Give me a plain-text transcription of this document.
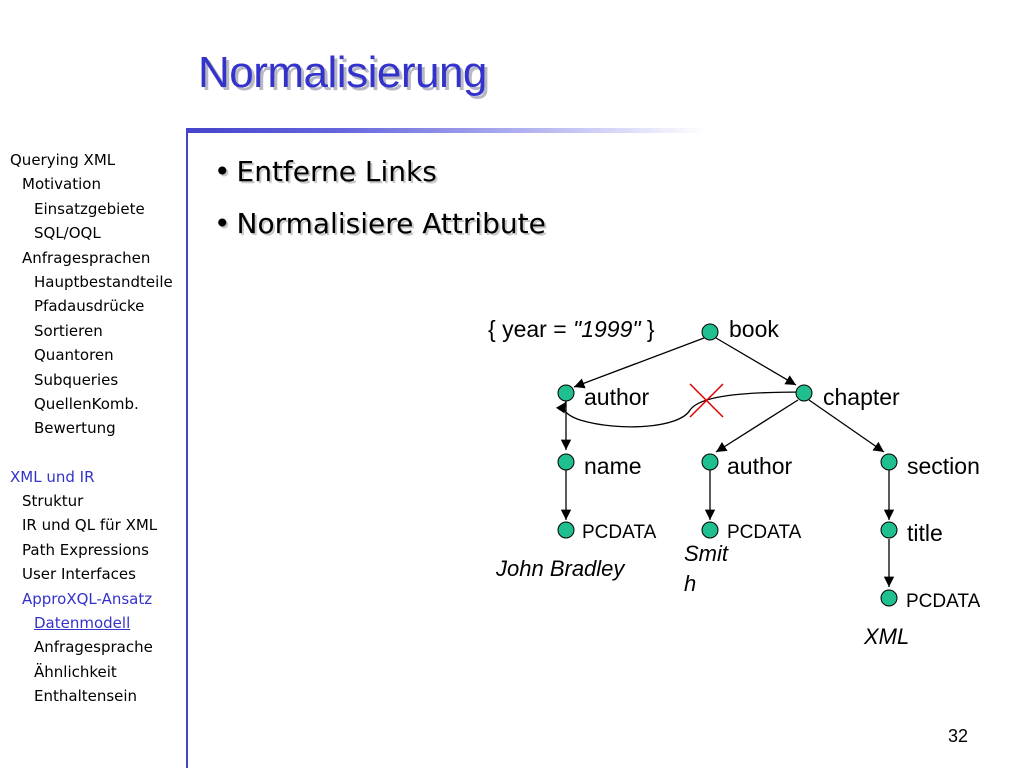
Normalisierung
Querying XML
Motivation
Einsatzgebiete
SQL/OQL
Anfragesprachen
Hauptbestandteile
Pfadausdrücke
Sortieren
Quantoren
Subqueries
QuellenKomb.
Bewertung
XML und IR
Struktur
IR und QL für XML
Path Expressions
User Interfaces
ApproXQL-Ansatz
Datenmodell
Anfragesprache
Ähnlichkeit
Enthaltensein
• Entferne Links
• Normalisiere Attribute
{ year = "1999" }	book
author	chapter
name	author	section
PCDATA	PCDATA	title
PCDATA
John Bradley
Smit
h
XML
32
